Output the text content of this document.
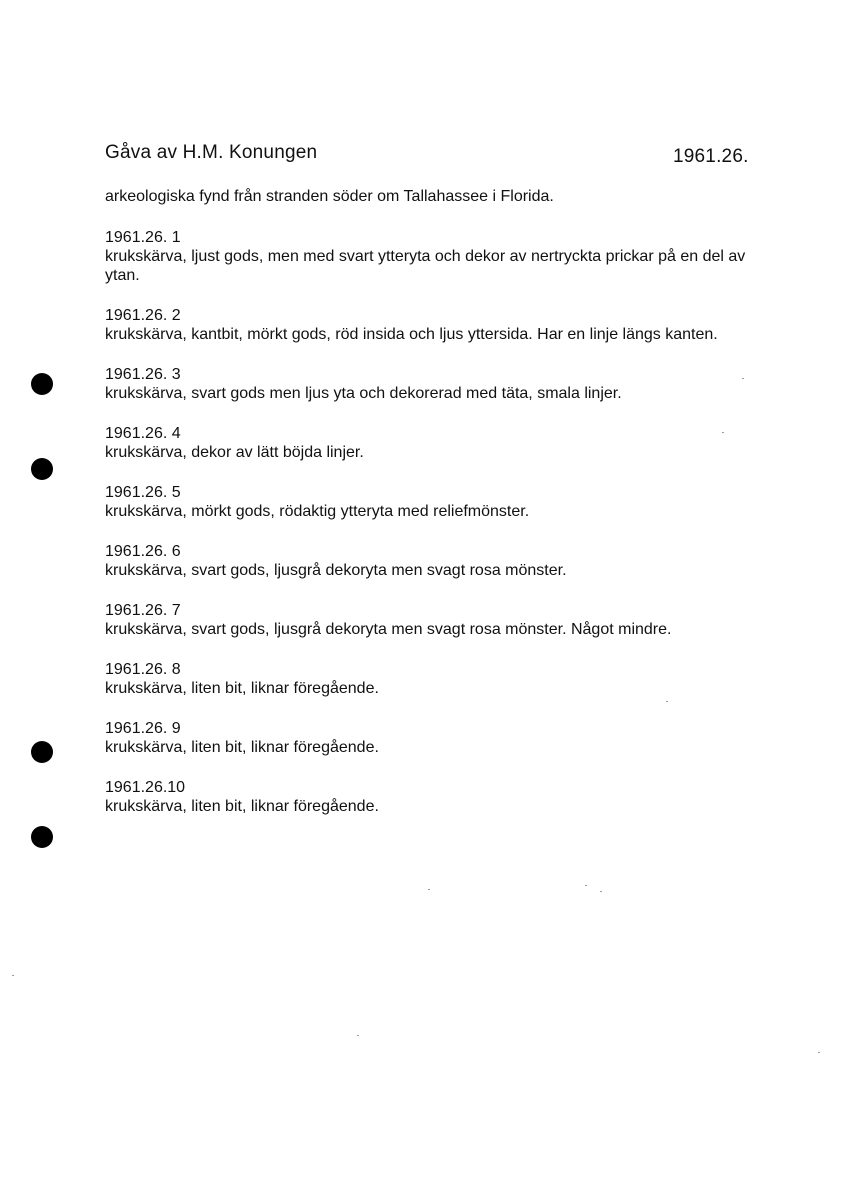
Gåva av H.M. Konungen	1961.26.
arkeologiska fynd från stranden söder om Tallahassee i Florida.
1961.26. 1
krukskärva, ljust gods, men med svart ytteryta och dekor av nertryckta prickar på en del av ytan.
1961.26. 2
krukskärva, kantbit, mörkt gods, röd insida och ljus yttersida. Har en linje längs kanten.
1961.26. 3
krukskärva, svart gods men ljus yta och dekorerad med täta, smala linjer.
1961.26. 4
krukskärva, dekor av lätt böjda linjer.
1961.26. 5
krukskärva, mörkt gods, rödaktig ytteryta med reliefmönster.
1961.26. 6
krukskärva, svart gods, ljusgrå dekoryta men svagt rosa mönster.
1961.26. 7
krukskärva, svart gods, ljusgrå dekoryta men svagt rosa mönster. Något mindre.
1961.26. 8
krukskärva, liten bit, liknar föregående.
1961.26. 9
krukskärva, liten bit, liknar föregående.
1961.26.10
krukskärva, liten bit, liknar föregående.
